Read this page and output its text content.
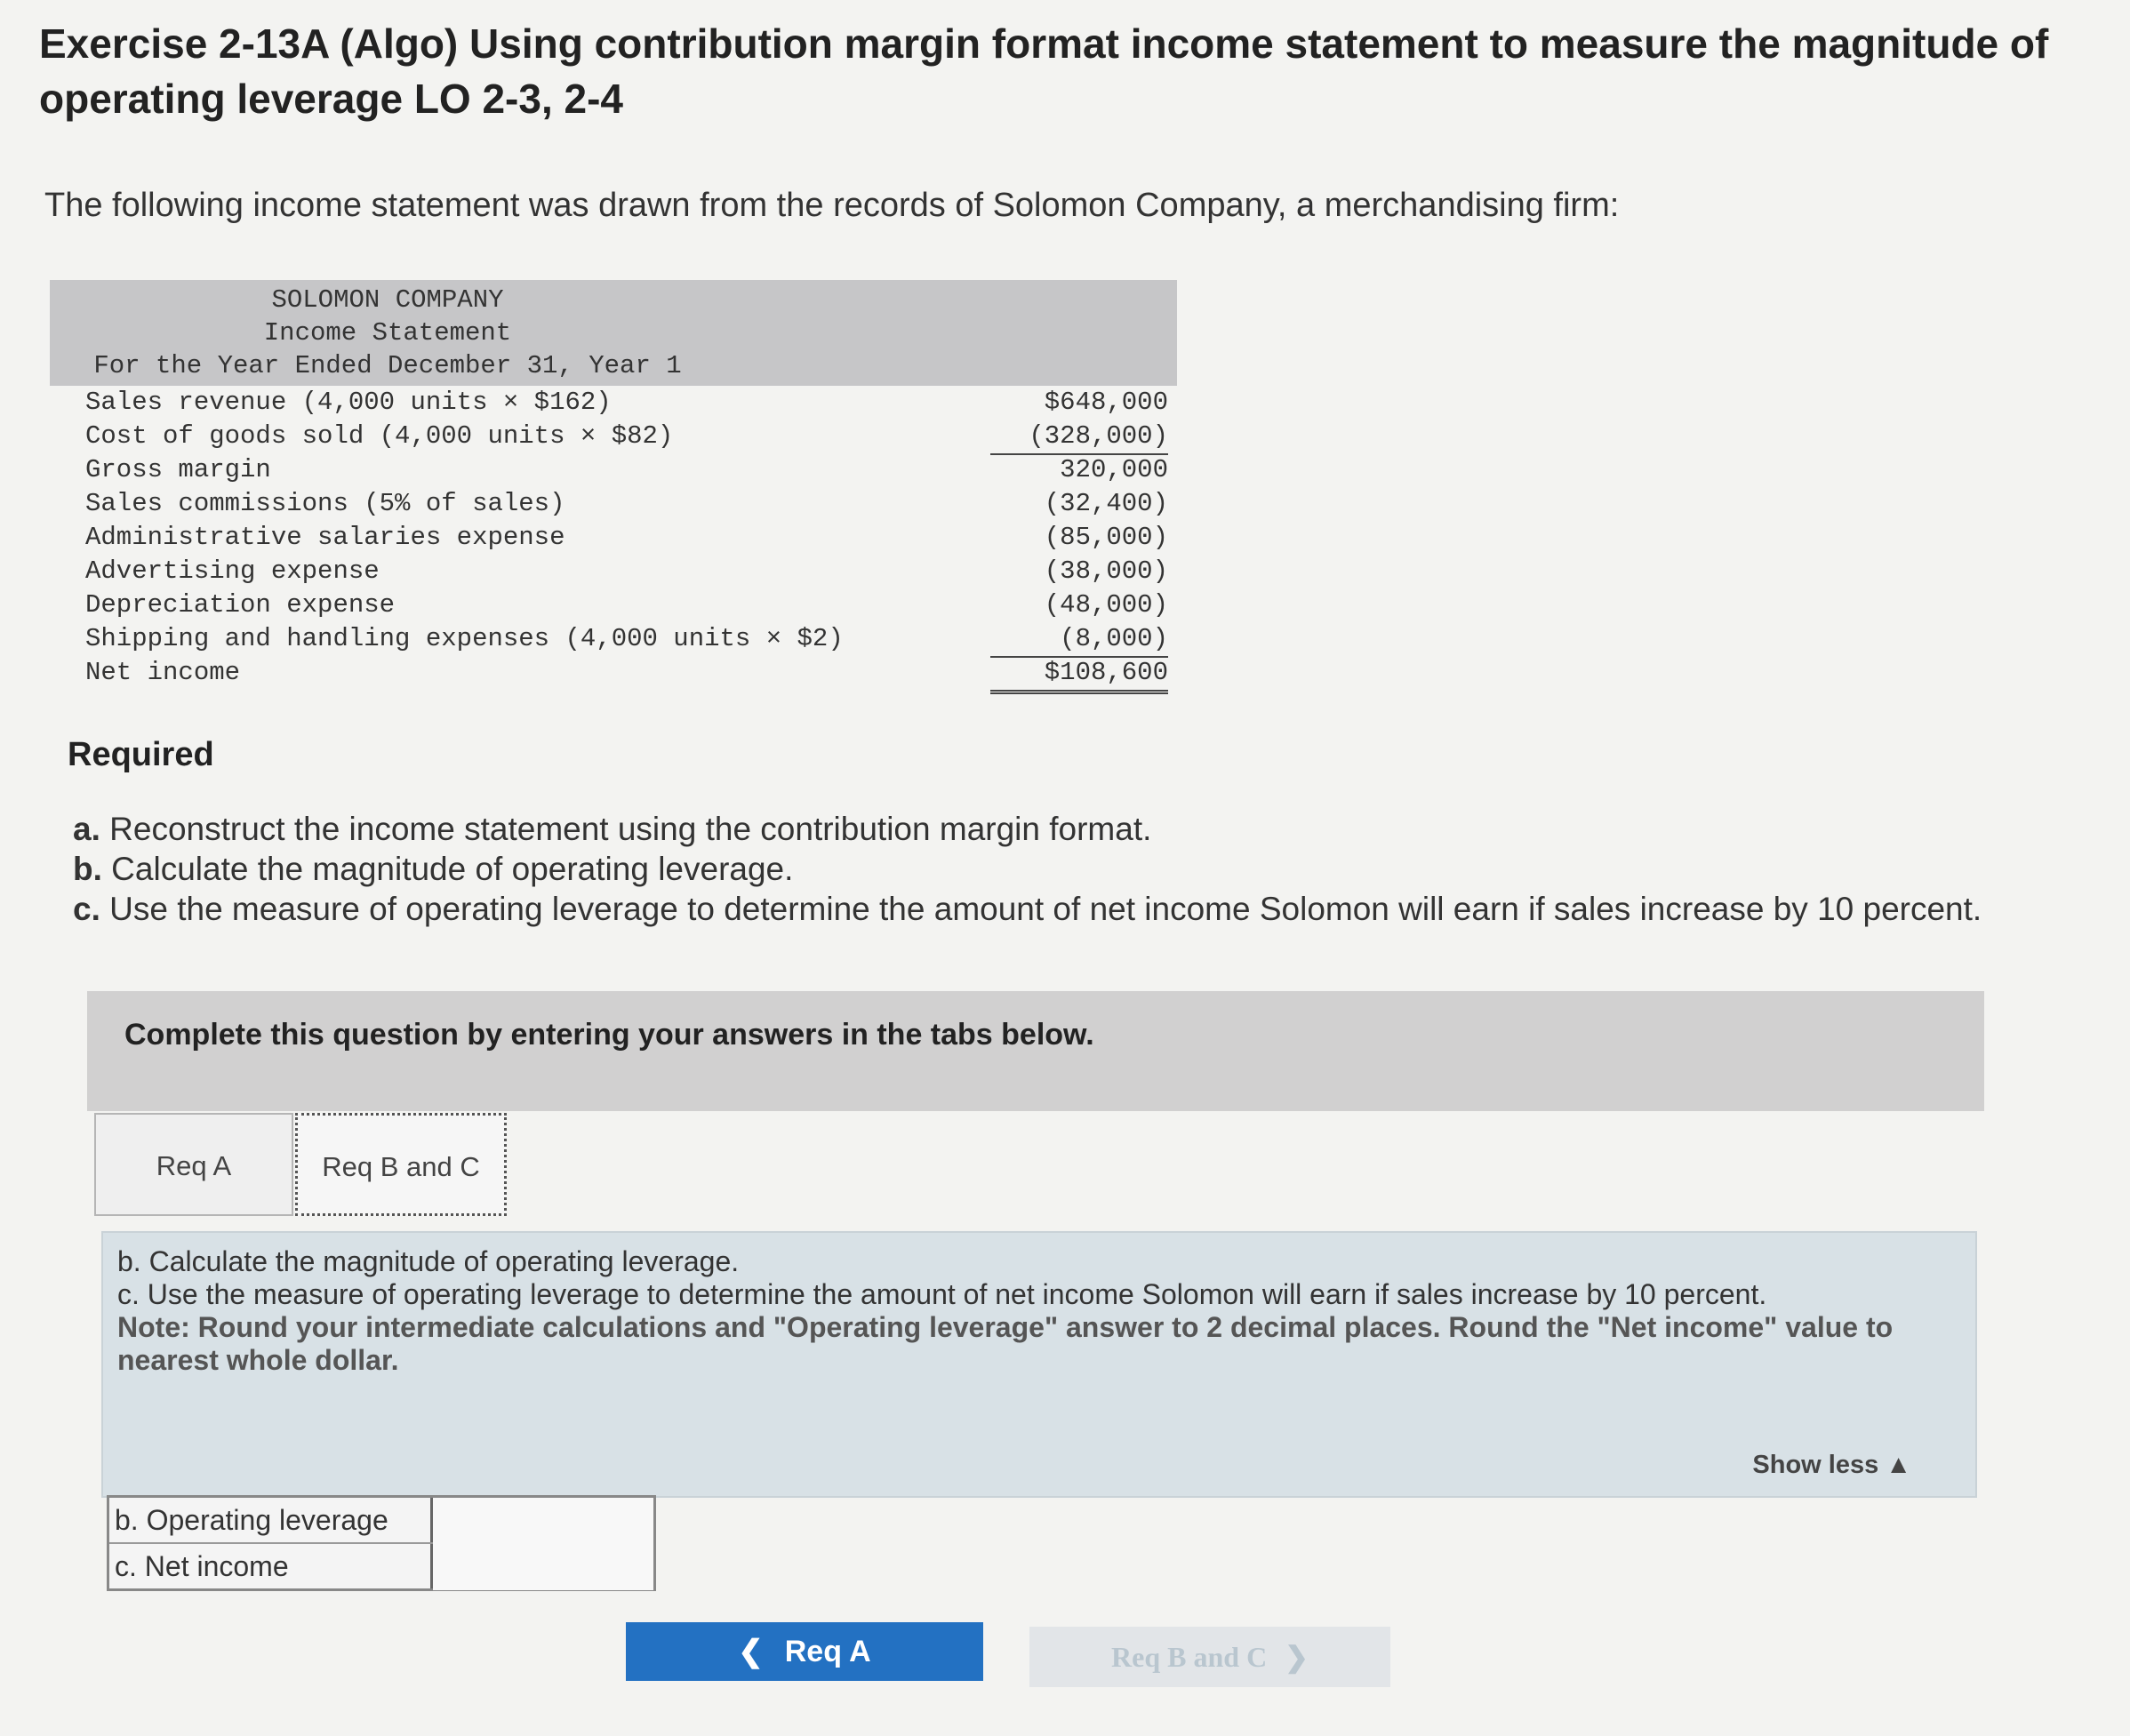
Exercise 2-13A (Algo) Using contribution margin format income statement to measure the magnitude of operating leverage LO 2-3, 2-4
The following income statement was drawn from the records of Solomon Company, a merchandising firm:
SOLOMON COMPANY
Income Statement
For the Year Ended December 31, Year 1
Sales revenue (4,000 units × $162)	$648,000
Cost of goods sold (4,000 units × $82)	(328,000)
Gross margin	320,000
Sales commissions (5% of sales)	(32,400)
Administrative salaries expense	(85,000)
Advertising expense	(38,000)
Depreciation expense	(48,000)
Shipping and handling expenses (4,000 units × $2)	(8,000)
Net income	$108,600
Required
a. Reconstruct the income statement using the contribution margin format.
b. Calculate the magnitude of operating leverage.
c. Use the measure of operating leverage to determine the amount of net income Solomon will earn if sales increase by 10 percent.
Complete this question by entering your answers in the tabs below.
Req A	Req B and C
b. Calculate the magnitude of operating leverage.
c. Use the measure of operating leverage to determine the amount of net income Solomon will earn if sales increase by 10 percent.
Note: Round your intermediate calculations and "Operating leverage" answer to 2 decimal places. Round the "Net income" value to nearest whole dollar.
Show less ▲
b. Operating leverage
c. Net income
❮ Req A	Req B and C ❯
